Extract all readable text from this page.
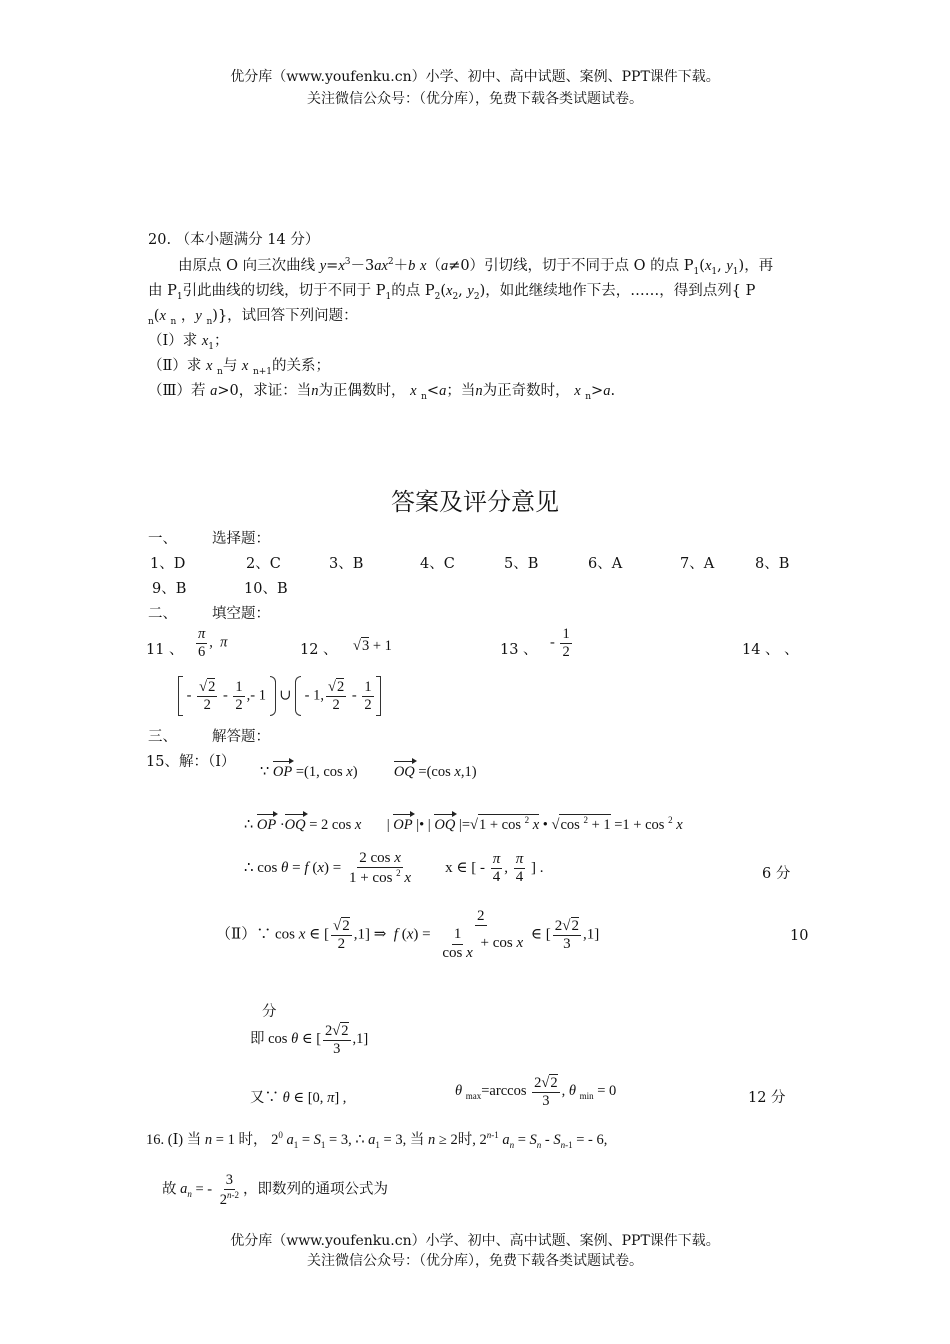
优分库（www.youfenku.cn）小学、初中、高中试题、案例、PPT课件下载。
关注微信公众号：（优分库），免费下载各类试题试卷。
20. （本小题满分 14 分）
由原点 O 向三次曲线 $y=x^3-3ax^2+b$ x（a≠0）引切线，切于不同于点 O 的点 $P_1(x_1$, $y_1$)，再
由 $P_1$引此曲线的切线，切于不同于 $P_1$的点 $P_2(x_2$, $y_2$)，如此继续地作下去，……，得到点列{ P
$_n$(x $_n$ ，y $_n$)}，试回答下列问题：
（Ⅰ）求 $x_1$；
（Ⅱ）求 x $_n$与 x $_{n+1}$的关系；
（Ⅲ）若 a>0，求证：当n为正偶数时， x $_n$<a；当n为正奇数时， x $_n$>a.
答案及评分意见
一、 选择题：
1、D	2、C	3、B	4、C	5、B	6、A	7、A	8、B
9、B	10、B
二、 填空题：
11 、 $\frac{\pi}{6}$ ,  π	12 、 √3 + 1	13 、 - $\frac{1}{2}$	14 、 、
- $\frac{√2}{2} - \frac{1}{2}$ ,- 1  ∪  - 1, $\frac{√2}{2} - \frac{1}{2}$
三、 解答题：
15、解：（Ⅰ）
∵ OP =(1, cos x)          OQ =(cos x,1)
∴ OP ·OQ = 2 cos x       | OP |• | OQ |=√1 + cos $^2$ x • √cos $^2$ + 1 =1 + cos $^2$ x
∴ cos θ = f $(x) = \frac{\text{2 cos x}}{1 + \cos ^2 x}$ x ∈ [ - $\frac{\pi}{4}$ , $\frac{\pi}{4}$ ] .	6 分
（Ⅱ）∵ cos x ∈ [ $\frac{√2}{2} ,1$] ⇒  f $(x) = \frac{2}{\frac{1}{\text{cos x}} + \cos x}$ ∈ [ $\frac{2√2}{3} ,1$]	10
分
即 cos θ ∈ [ $\frac{2√2}{3} ,1$]
又∵ θ ∈ [0, π] ,	θ $_{max}=\arccos \frac{2√2}{3}$ , θ $_{min}$ = 0	12 分
16. (Ⅰ) 当 n = 1 时， $2^0$ $a_1 = S_1 = 3$, ∴ $a_1 = 3$, 当 n ≥ 2时, 2$^{n-1}$ $a_n = S_n - S_{n-1}$ = - 6,
故 $a_n$ = - $\frac{3}{2^{n-2}}$ ，即数列的通项公式为
优分库（www.youfenku.cn）小学、初中、高中试题、案例、PPT课件下载。
关注微信公众号：（优分库），免费下载各类试题试卷。
